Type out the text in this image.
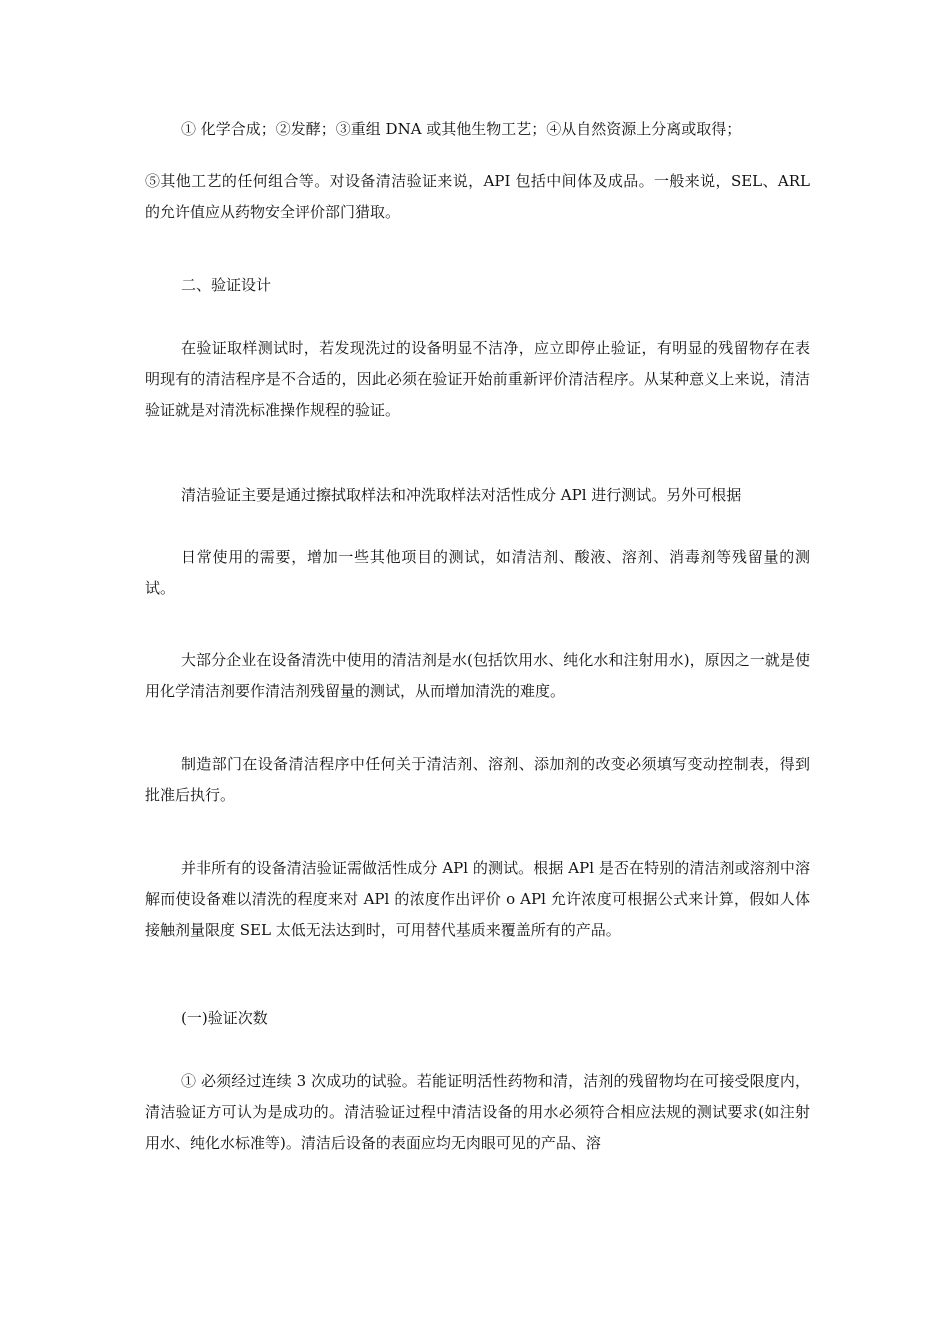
① 化学合成；②发酵；③重组 DNA 或其他生物工艺；④从自然资源上分离或取得；

⑤其他工艺的任何组合等。对设备清洁验证来说，API 包括中间体及成品。一般来说，SEL、ARL 的允许值应从药物安全评价部门猎取。

二、验证设计

在验证取样测试时，若发现洗过的设备明显不洁净，应立即停止验证，有明显的残留物存在表明现有的清洁程序是不合适的，因此必须在验证开始前重新评价清洁程序。从某种意义上来说，清洁验证就是对清洗标准操作规程的验证。

清洁验证主要是通过擦拭取样法和冲洗取样法对活性成分 APl 进行测试。另外可根据

日常使用的需要，增加一些其他项目的测试，如清洁剂、酸液、溶剂、消毒剂等残留量的测试。

大部分企业在设备清洗中使用的清洁剂是水(包括饮用水、纯化水和注射用水)，原因之一就是使用化学清洁剂要作清洁剂残留量的测试，从而增加清洗的难度。

制造部门在设备清洁程序中任何关于清洁剂、溶剂、添加剂的改变必须填写变动控制表，得到批准后执行。

并非所有的设备清洁验证需做活性成分 APl 的测试。根据 APl 是否在特别的清洁剂或溶剂中溶解而使设备难以清洗的程度来对 APl 的浓度作出评价 o APl 允许浓度可根据公式来计算，假如人体接触剂量限度 SEL 太低无法达到时，可用替代基质来覆盖所有的产品。

(一)验证次数

① 必须经过连续 3 次成功的试验。若能证明活性药物和清，洁剂的残留物均在可接受限度内，清洁验证方可认为是成功的。清洁验证过程中清洁设备的用水必须符合相应法规的测试要求(如注射用水、纯化水标准等)。清洁后设备的表面应均无肉眼可见的产品、溶
